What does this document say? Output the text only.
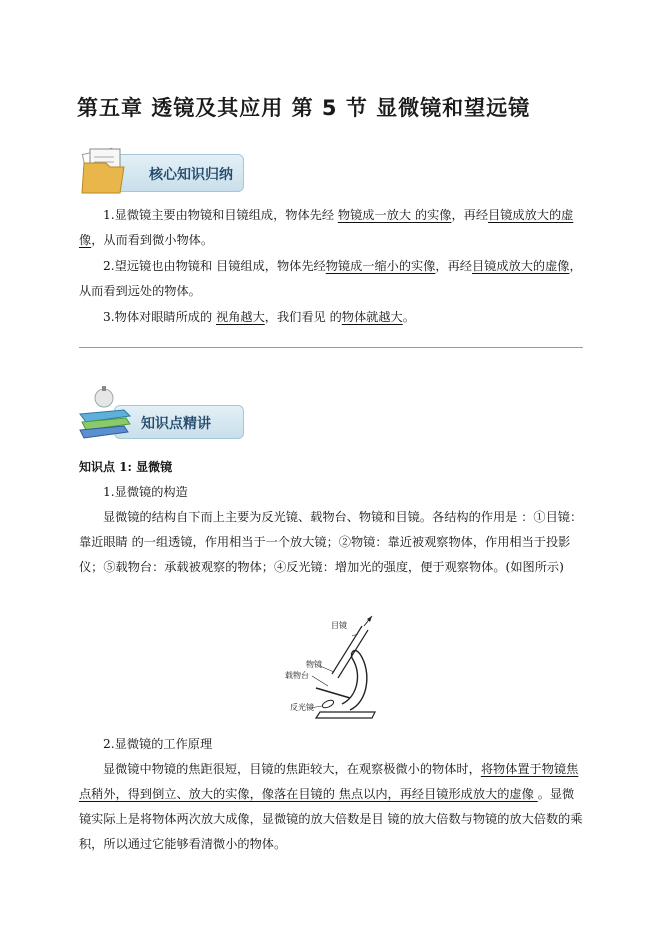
第五章 透镜及其应用 第 5 节 显微镜和望远镜
核心知识归纳

1.显微镜主要由物镜和目镜组成，物体先经 物镜成一放大 的实像，再经目镜成放大的虚像，从而看到微小物体。

2.望远镜也由物镜和 目镜组成，物体先经物镜成一缩小的实像，再经目镜成放大的虚像，从而看到远处的物体。

3.物体对眼睛所成的 视角越大，我们看见 的物体就越大。

知识点精讲
知识点 1: 显微镜
1.显微镜的构造

显微镜的结构自下而上主要为反光镜、载物台、物镜和目镜。各结构的作用是 ：①目镜：靠近眼睛 的一组透镜，作用相当于一个放大镜；②物镜：靠近被观察物体，作用相当于投影仪；⑤载物台：承载被观察的物体；④反光镜：增加光的强度，便于观察物体。(如图所示)

目镜
物镜
载物台
反光镜
2.显微镜的工作原理

显微镜中物镜的焦距很短，目镜的焦距较大，在观察极微小的物体时，将物体置于物镜焦点稍外，得到倒立、放大的实像，像落在目镜的 焦点以内，再经目镜形成放大的虚像 。显微镜实际上是将物体两次放大成像，显微镜的放大倍数是目 镜的放大倍数与物镜的放大倍数的乘积，所以通过它能够看清微小的物体。
